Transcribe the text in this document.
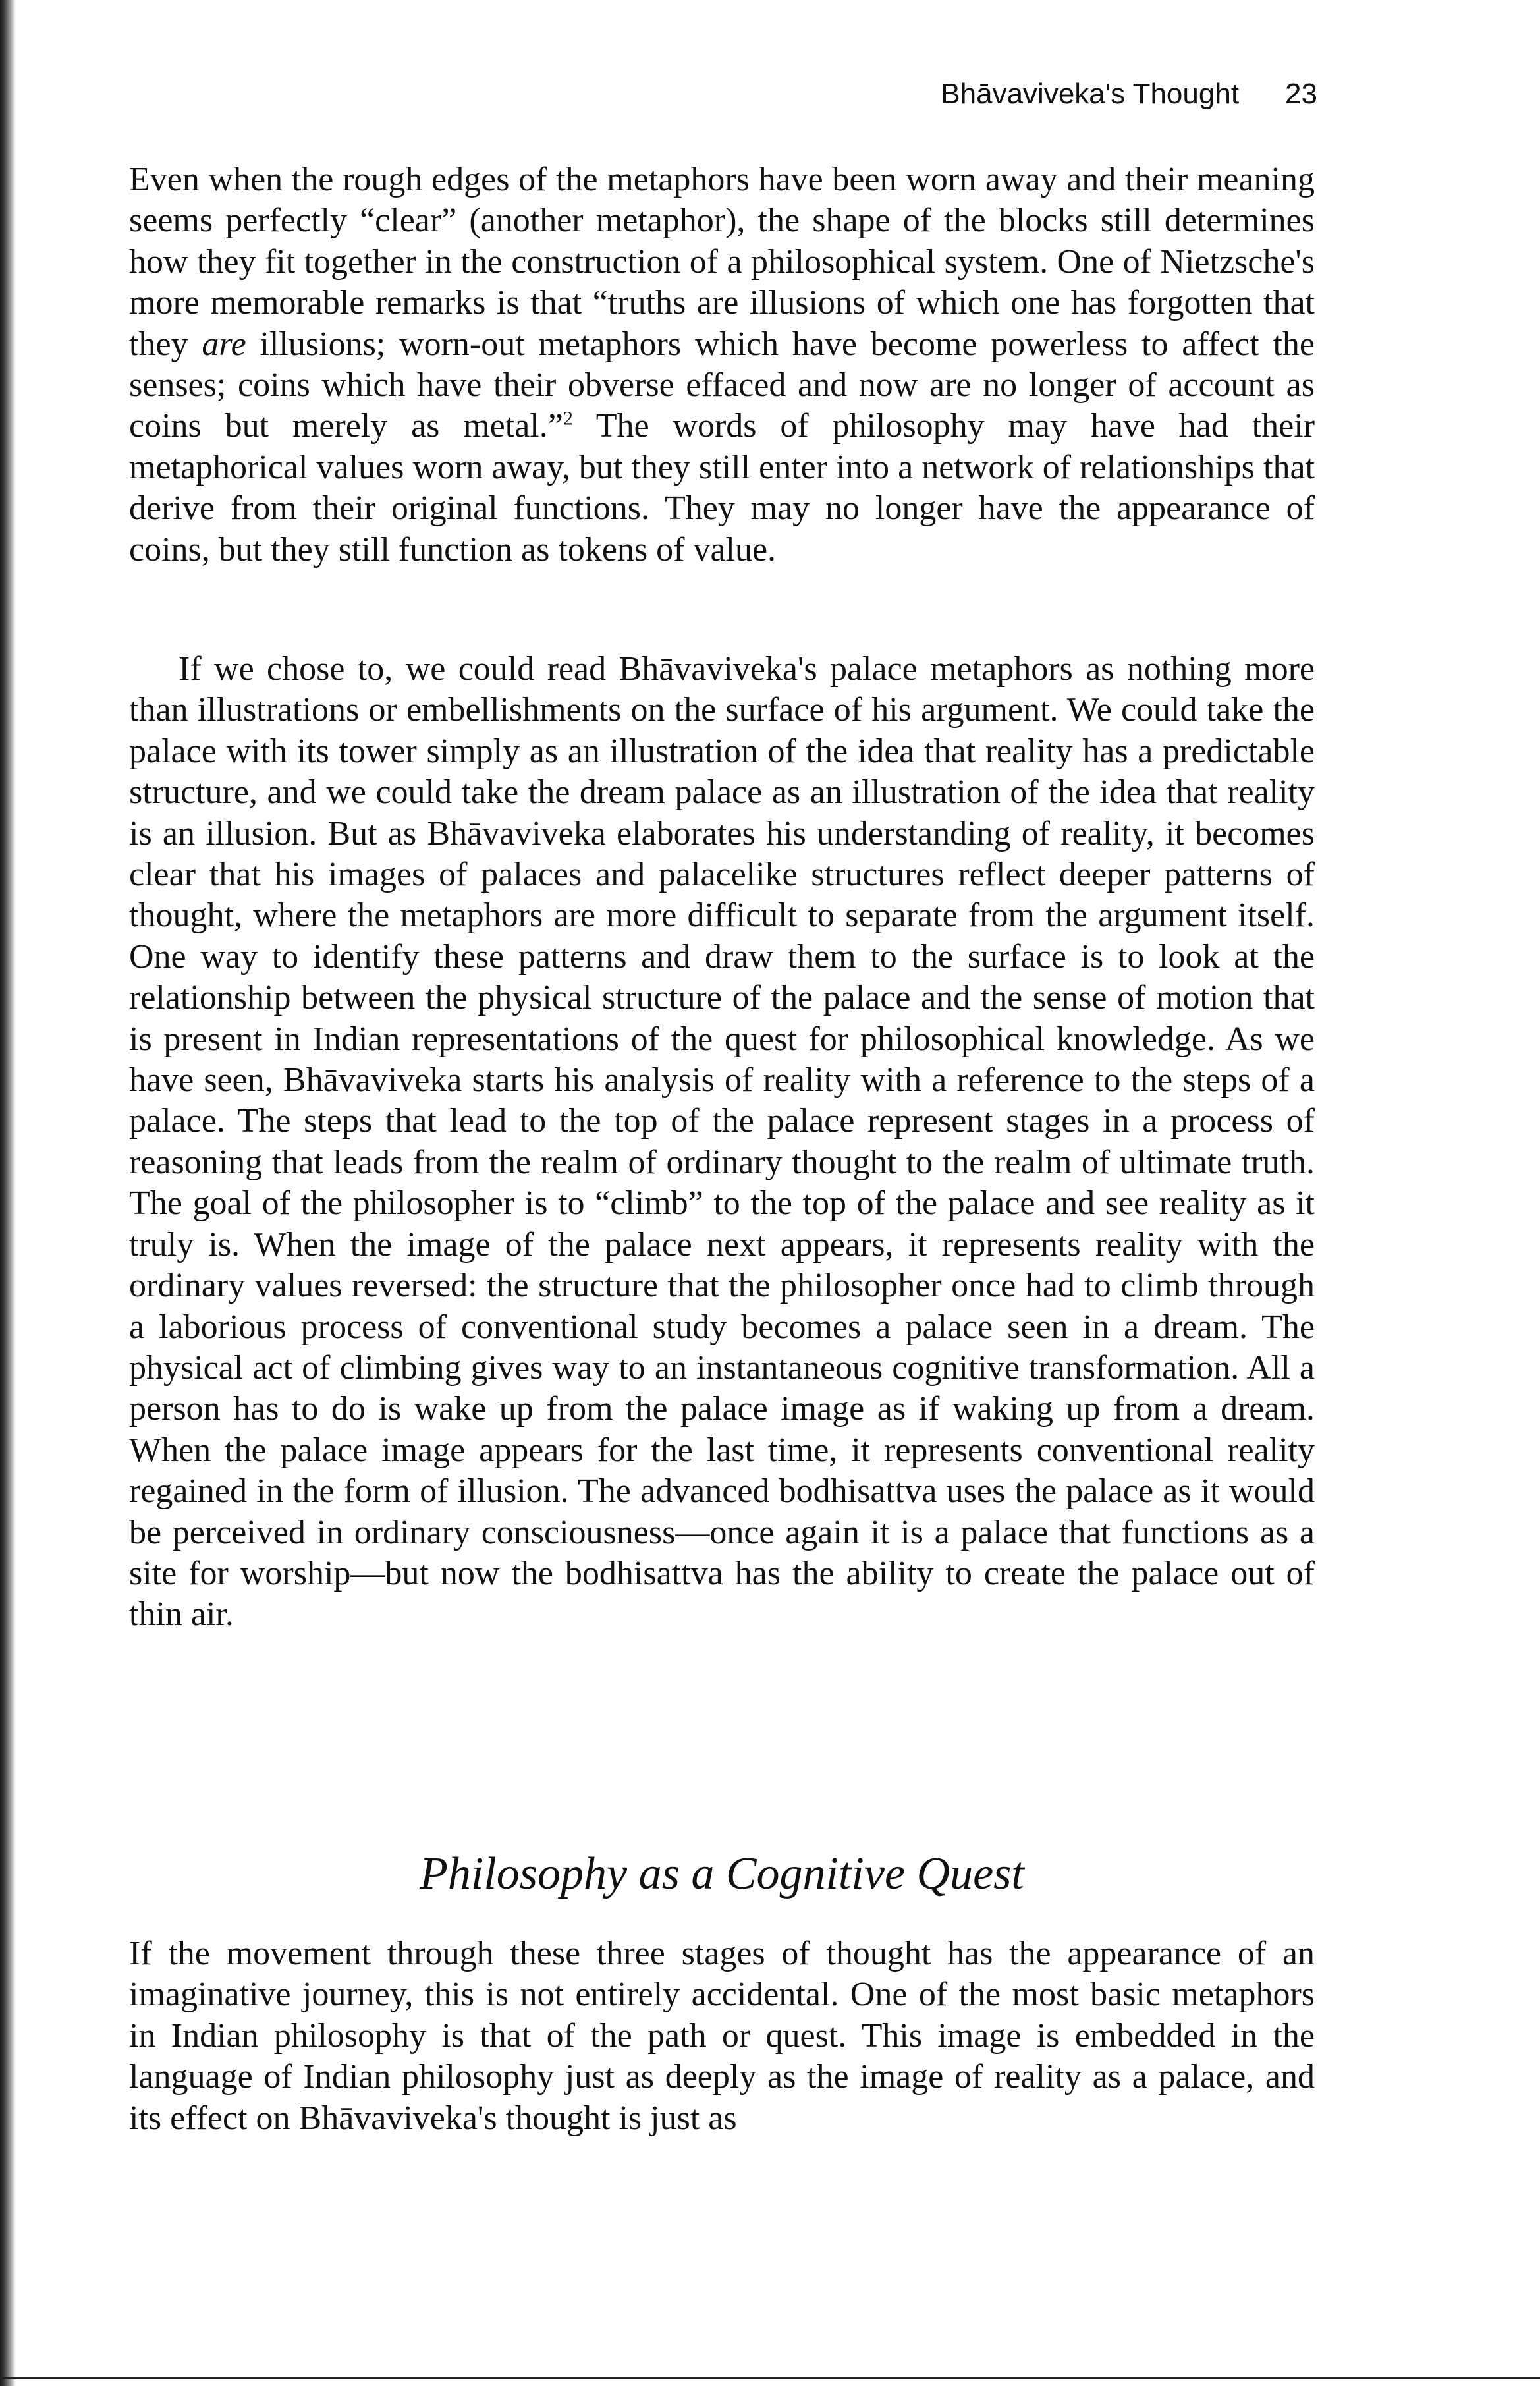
Bhāvaviveka's Thought 23

Even when the rough edges of the metaphors have been worn away and their meaning seems perfectly “clear” (another metaphor), the shape of the blocks still determines how they fit together in the construction of a philosophical system. One of Nietzsche's more memorable remarks is that “truths are illusions of which one has forgotten that they are illusions; worn-out metaphors which have become powerless to affect the senses; coins which have their obverse effaced and now are no longer of account as coins but merely as metal.”$^2$ The words of philosophy may have had their metaphorical values worn away, but they still enter into a network of relationships that derive from their original functions. They may no longer have the appearance of coins, but they still function as tokens of value.

If we chose to, we could read Bhāvaviveka's palace metaphors as nothing more than illustrations or embellishments on the surface of his argument. We could take the palace with its tower simply as an illustration of the idea that reality has a predictable structure, and we could take the dream palace as an illustration of the idea that reality is an illusion. But as Bhāvaviveka elaborates his understanding of reality, it becomes clear that his images of palaces and palacelike structures reflect deeper patterns of thought, where the metaphors are more difficult to separate from the argument itself. One way to identify these patterns and draw them to the surface is to look at the relationship between the physical structure of the palace and the sense of motion that is present in Indian representations of the quest for philosophical knowledge. As we have seen, Bhāvaviveka starts his analysis of reality with a reference to the steps of a palace. The steps that lead to the top of the palace represent stages in a process of reasoning that leads from the realm of ordinary thought to the realm of ultimate truth. The goal of the philosopher is to “climb” to the top of the palace and see reality as it truly is. When the image of the palace next appears, it represents reality with the ordinary values reversed: the structure that the philosopher once had to climb through a laborious process of conventional study becomes a palace seen in a dream. The physical act of climbing gives way to an instantaneous cognitive transformation. All a person has to do is wake up from the palace image as if waking up from a dream. When the palace image appears for the last time, it represents conventional reality regained in the form of illusion. The advanced bodhisattva uses the palace as it would be perceived in ordinary consciousness—once again it is a palace that functions as a site for worship—but now the bodhisattva has the ability to create the palace out of thin air.

Philosophy as a Cognitive Quest

If the movement through these three stages of thought has the appearance of an imaginative journey, this is not entirely accidental. One of the most basic metaphors in Indian philosophy is that of the path or quest. This image is embedded in the language of Indian philosophy just as deeply as the image of reality as a palace, and its effect on Bhāvaviveka's thought is just as
